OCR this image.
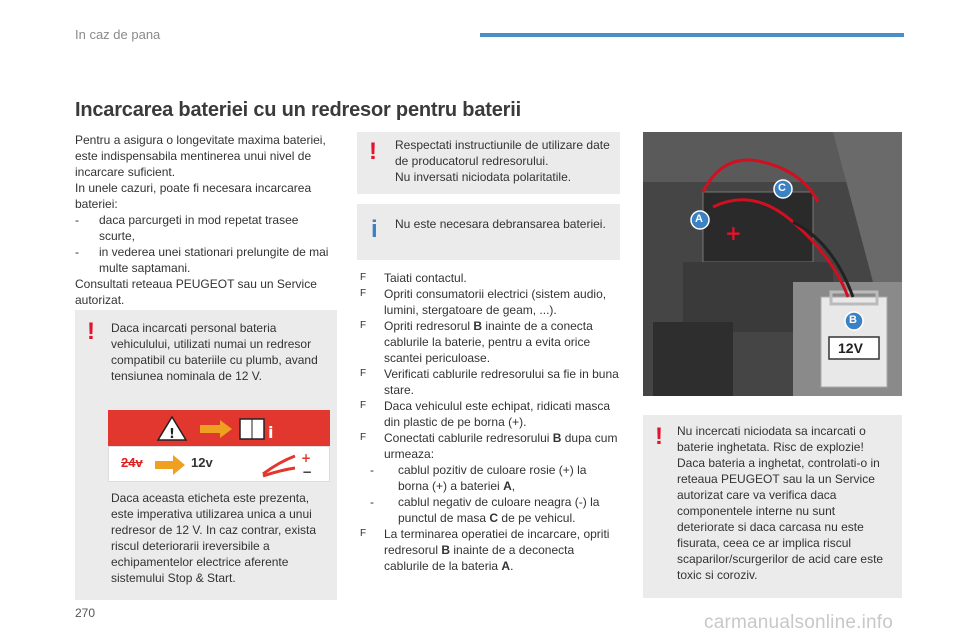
In caz de pana
Incarcarea bateriei cu un redresor pentru baterii

Pentru a asigura o longevitate maxima bateriei, este indispensabila mentinerea unui nivel de incarcare suficient.

In unele cazuri, poate fi necesara incarcarea bateriei:

- daca parcurgeti in mod repetat trasee scurte,

- in vederea unei stationari prelungite de mai multe saptamani.

Consultati reteaua PEUGEOT sau un Service autorizat.

! Daca incarcati personal bateria vehiculului, utilizati numai un redresor compatibil cu bateriile cu plumb, avand tensiunea nominala de 12 V.
Daca aceasta eticheta este prezenta, este imperativa utilizarea unica a unui redresor de 12 V. In caz contrar, exista riscul deteriorarii ireversibile a echipamentelor electrice aferente sistemului Stop & Start.
!	i
24v	12v	+
−
! Respectati instructiunile de utilizare date de producatorul redresorului.

Nu inversati niciodata polaritatile.

i Nu este necesara debransarea bateriei.

F Taiati contactul.

F Opriti consumatorii electrici (sistem audio, lumini, stergatoare de geam, ...).

F Opriti redresorul B inainte de a conecta cablurile la baterie, pentru a evita orice scantei periculoase.

F Verificati cablurile redresorului sa fie in buna stare.

F Daca vehiculul este echipat, ridicati masca din plastic de pe borna (+).

F Conectati cablurile redresorului B dupa cum urmeaza:

- cablul pozitiv de culoare rosie (+) la

borna (+) a bateriei A,

- cablul negativ de culoare neagra (-) la

punctul de masa C de pe vehicul.

F La terminarea operatiei de incarcare, opriti redresorul B inainte de a deconecta cablurile de la bateria A.

+
A
C
B
12V
! Nu incercati niciodata sa incarcati o baterie inghetata. Risc de explozie! Daca bateria a inghetat, controlati-o in reteaua PEUGEOT sau la un Service autorizat care va verifica daca componentele interne nu sunt deteriorate si daca carcasa nu este fisurata, ceea ce ar implica riscul scaparilor/scurgerilor de acid care este toxic si coroziv.
270	carmanualsonline.info
